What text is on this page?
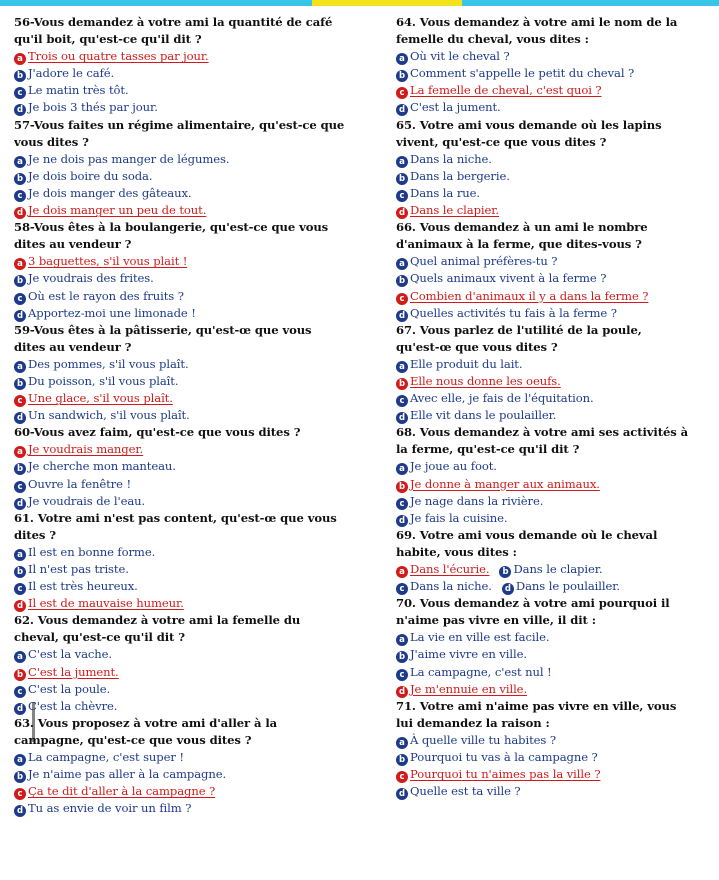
56-Vous demandez à votre ami la quantité de café
qu'il boit, qu'est-ce qu'il dit ?
a Trois ou quatre tasses par jour.
b J'adore le café.
c Le matin très tôt.
d Je bois 3 thés par jour.
57-Vous faites un régime alimentaire, qu'est-ce que
vous dites ?
a Je ne dois pas manger de légumes.
b Je dois boire du soda.
c Je dois manger des gâteaux.
d Je dois manger un peu de tout.
58-Vous êtes à la boulangerie, qu'est-ce que vous
dites au vendeur ?
a 3 baguettes, s'il vous plait !
b Je voudrais des frites.
c Où est le rayon des fruits ?
d Apportez-moi une limonade !
59-Vous êtes à la pâtisserie, qu'est-œ que vous
dites au vendeur ?
a Des pommes, s'il vous plaît.
b Du poisson, s'il vous plaît.
c Une glace, s'il vous plaît.
d Un sandwich, s'il vous plaît.
60-Vous avez faim, qu'est-ce que vous dites ?
a Je voudrais manger.
b Je cherche mon manteau.
c Ouvre la fenêtre !
d Je voudrais de l'eau.
61. Votre ami n'est pas content, qu'est-œ que vous
dites ?
a Il est en bonne forme.
b Il n'est pas triste.
c Il est très heureux.
d Il est de mauvaise humeur.
62. Vous demandez à votre ami la femelle du
cheval, qu'est-ce qu'il dit ?
a C'est la vache.
b C'est la jument.
c C'est la poule.
d C'est la chèvre.
63. Vous proposez à votre ami d'aller à la
campagne, qu'est-ce que vous dites ?
a La campagne, c'est super !
b Je n'aime pas aller à la campagne.
c Ça te dit d'aller à la campagne ?
d Tu as envie de voir un film ?
64. Vous demandez à votre ami le nom de la
femelle du cheval, vous dites :
a Où vit le cheval ?
b Comment s'appelle le petit du cheval ?
c La femelle de cheval, c'est quoi ?
d C'est la jument.
65. Votre ami vous demande où les lapins
vivent, qu'est-ce que vous dites ?
a Dans la niche.
b Dans la bergerie.
c Dans la rue.
d Dans le clapier.
66. Vous demandez à un ami le nombre
d'animaux à la ferme, que dites-vous ?
a Quel animal préfères-tu ?
b Quels animaux vivent à la ferme ?
c Combien d'animaux il y a dans la ferme ?
d Quelles activités tu fais à la ferme ?
67. Vous parlez de l'utilité de la poule,
qu'est-œ que vous dites ?
a Elle produit du lait.
b Elle nous donne les oeufs.
c Avec elle, je fais de l'équitation.
d Elle vit dans le poulailler.
68. Vous demandez à votre ami ses activités à
la ferme, qu'est-ce qu'il dit ?
a Je joue au foot.
b Je donne à manger aux animaux.
c Je nage dans la rivière.
d Je fais la cuisine.
69. Votre ami vous demande où le cheval
habite, vous dites :
a Dans l'écurie. b Dans le clapier.
c Dans la niche. d Dans le poulailler.
70. Vous demandez à votre ami pourquoi il
n'aime pas vivre en ville, il dit :
a La vie en ville est facile.
b J'aime vivre en ville.
c La campagne, c'est nul !
d Je m'ennuie en ville.
71. Votre ami n'aime pas vivre en ville, vous
lui demandez la raison :
a À quelle ville tu habites ?
b Pourquoi tu vas à la campagne ?
c Pourquoi tu n'aimes pas la ville ?
d Quelle est ta ville ?
